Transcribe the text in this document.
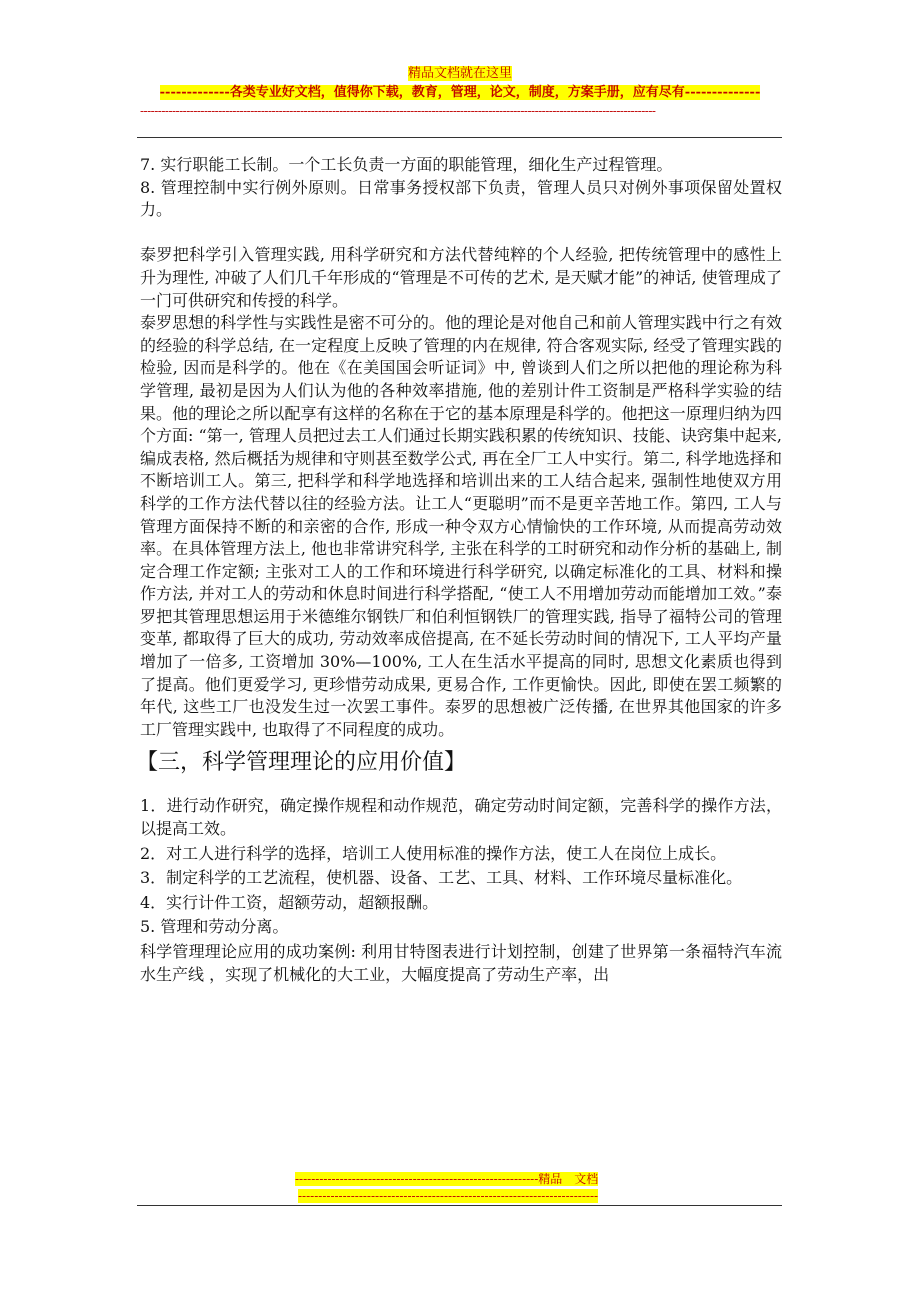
精品文档就在这里
-------------各类专业好文档，值得你下载，教育，管理，论文，制度，方案手册，应有尽有--------------
-------------------------------------------------------------------------------------------------------------------------------------------------

7. 实行职能工长制。一个工长负责一方面的职能管理，细化生产过程管理。

8. 管理控制中实行例外原则。日常事务授权部下负责，管理人员只对例外事项保留处置权力。

泰罗把科学引入管理实践, 用科学研究和方法代替纯粹的个人经验, 把传统管理中的感性上升为理性, 冲破了人们几千年形成的“管理是不可传的艺术, 是天赋才能”的神话, 使管理成了一门可供研究和传授的科学。

泰罗思想的科学性与实践性是密不可分的。他的理论是对他自己和前人管理实践中行之有效的经验的科学总结, 在一定程度上反映了管理的内在规律, 符合客观实际, 经受了管理实践的检验, 因而是科学的。他在《在美国国会听证词》中, 曾谈到人们之所以把他的理论称为科学管理, 最初是因为人们认为他的各种效率措施, 他的差别计件工资制是严格科学实验的结果。他的理论之所以配享有这样的名称在于它的基本原理是科学的。他把这一原理归纳为四个方面: “第一, 管理人员把过去工人们通过长期实践积累的传统知识、技能、诀窍集中起来, 编成表格, 然后概括为规律和守则甚至数学公式, 再在全厂工人中实行。第二, 科学地选择和不断培训工人。第三, 把科学和科学地选择和培训出来的工人结合起来, 强制性地使双方用科学的工作方法代替以往的经验方法。让工人“更聪明”而不是更辛苦地工作。第四, 工人与管理方面保持不断的和亲密的合作, 形成一种令双方心情愉快的工作环境, 从而提高劳动效率。在具体管理方法上, 他也非常讲究科学, 主张在科学的工时研究和动作分析的基础上, 制定合理工作定额; 主张对工人的工作和环境进行科学研究, 以确定标准化的工具、材料和操作方法, 并对工人的劳动和休息时间进行科学搭配, “使工人不用增加劳动而能增加工效。”泰罗把其管理思想运用于米德维尔钢铁厂和伯利恒钢铁厂的管理实践, 指导了福特公司的管理变革, 都取得了巨大的成功, 劳动效率成倍提高, 在不延长劳动时间的情况下, 工人平均产量增加了一倍多, 工资增加 30%—100%, 工人在生活水平提高的同时, 思想文化素质也得到了提高。他们更爱学习, 更珍惜劳动成果, 更易合作, 工作更愉快。因此, 即使在罢工频繁的年代, 这些工厂也没发生过一次罢工事件。泰罗的思想被广泛传播, 在世界其他国家的许多工厂管理实践中, 也取得了不同程度的成功。

【三，科学管理理论的应用价值】

1．进行动作研究，确定操作规程和动作规范，确定劳动时间定额，完善科学的操作方法，以提高工效。

2．对工人进行科学的选择，培训工人使用标准的操作方法，使工人在岗位上成长。

3．制定科学的工艺流程，使机器、设备、工艺、工具、材料、工作环境尽量标准化。

4．实行计件工资，超额劳动，超额报酬。

5. 管理和劳动分离。

科学管理理论应用的成功案例: 利用甘特图表进行计划控制，创建了世界第一条福特汽车流水生产线 ，实现了机械化的大工业，大幅度提高了劳动生产率，出

------------------------------------------------------------精品　文档
--------------------------------------------------------------------------
